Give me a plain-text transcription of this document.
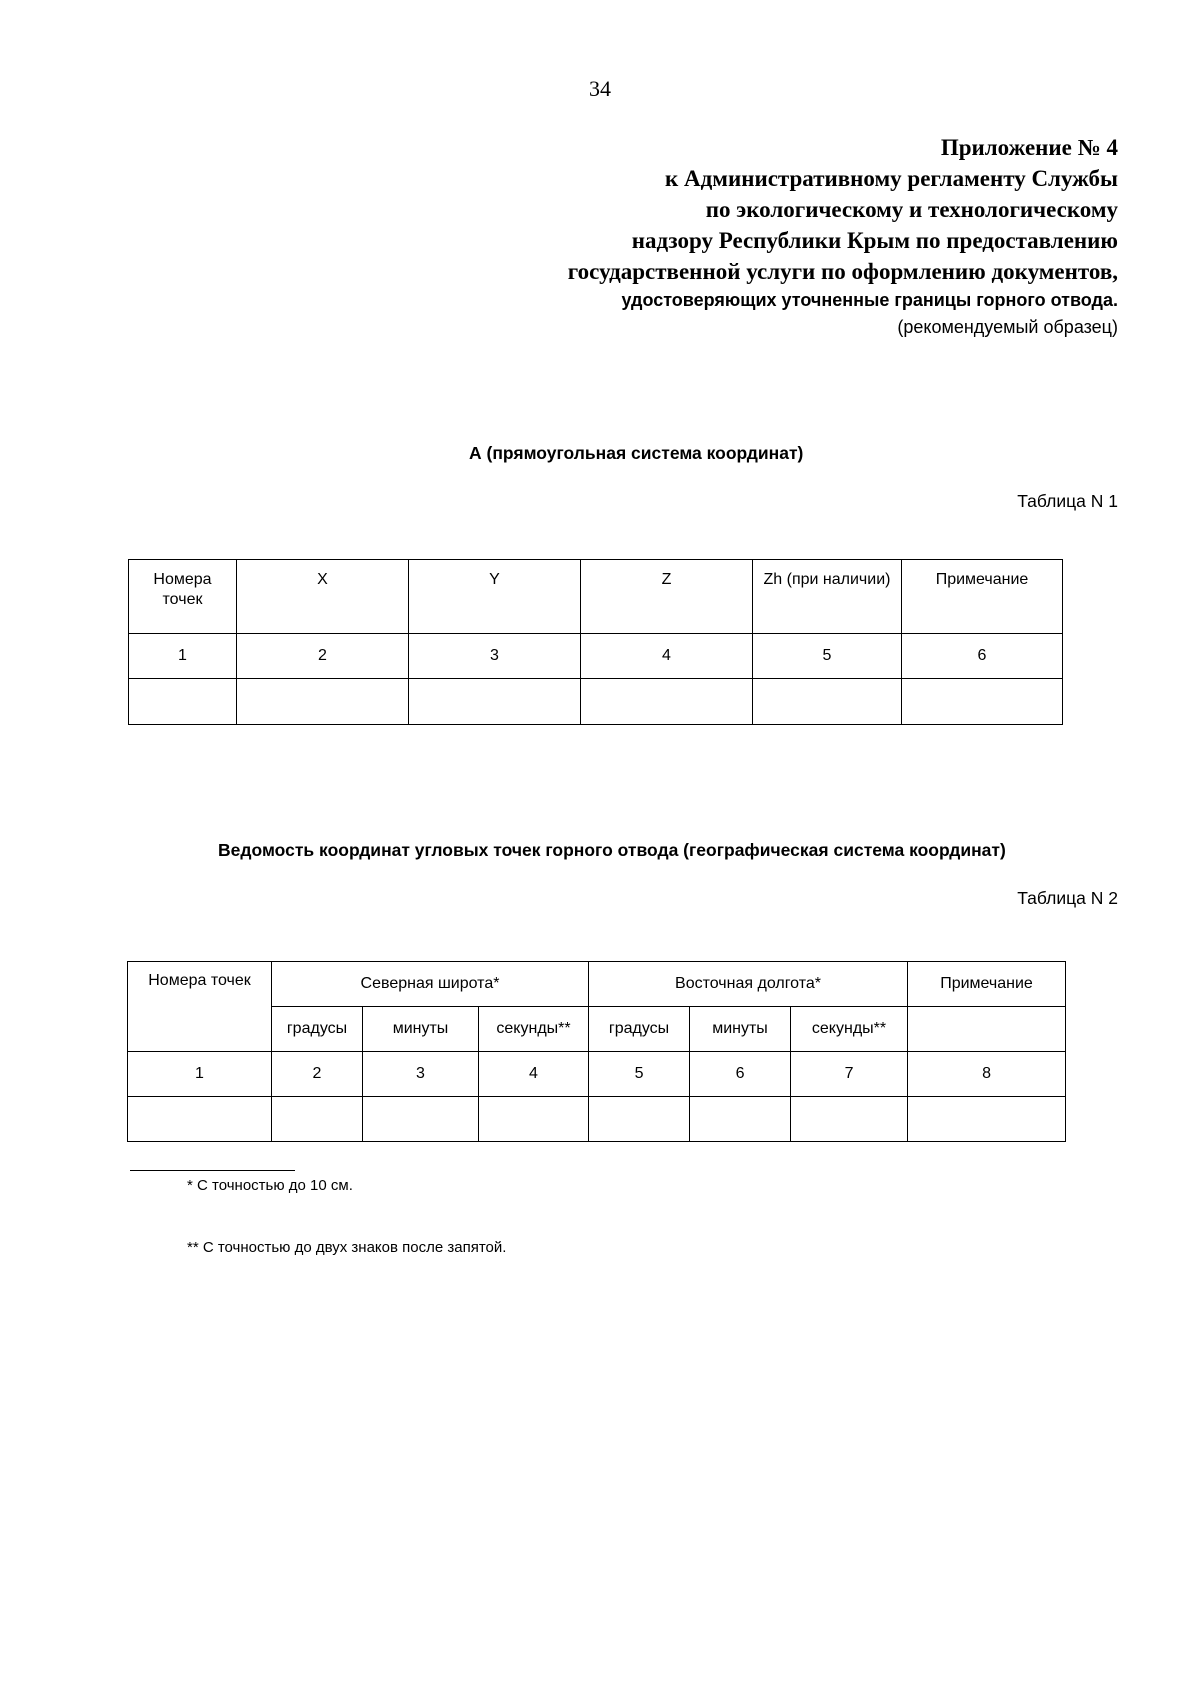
34
Приложение № 4
к Административному регламенту Службы
по экологическому и технологическому
надзору Республики Крым по предоставлению
государственной услуги по оформлению документов,
удостоверяющих уточненные границы горного отвода.
(рекомендуемый образец)
А (прямоугольная система координат)
Таблица N 1
Номера точек	X	Y	Z	Zh (при наличии)	Примечание
1	2	3	4	5	6

Ведомость координат угловых точек горного отвода (географическая система координат)
Таблица N 2
Номера точек	Северная широта*			Восточная долгота*			Примечание
	градусы	минуты	секунды**	градусы	минуты	секунды**	
1	2	3	4	5	6	7	8

* С точностью до 10 см.
** С точностью до двух знаков после запятой.
